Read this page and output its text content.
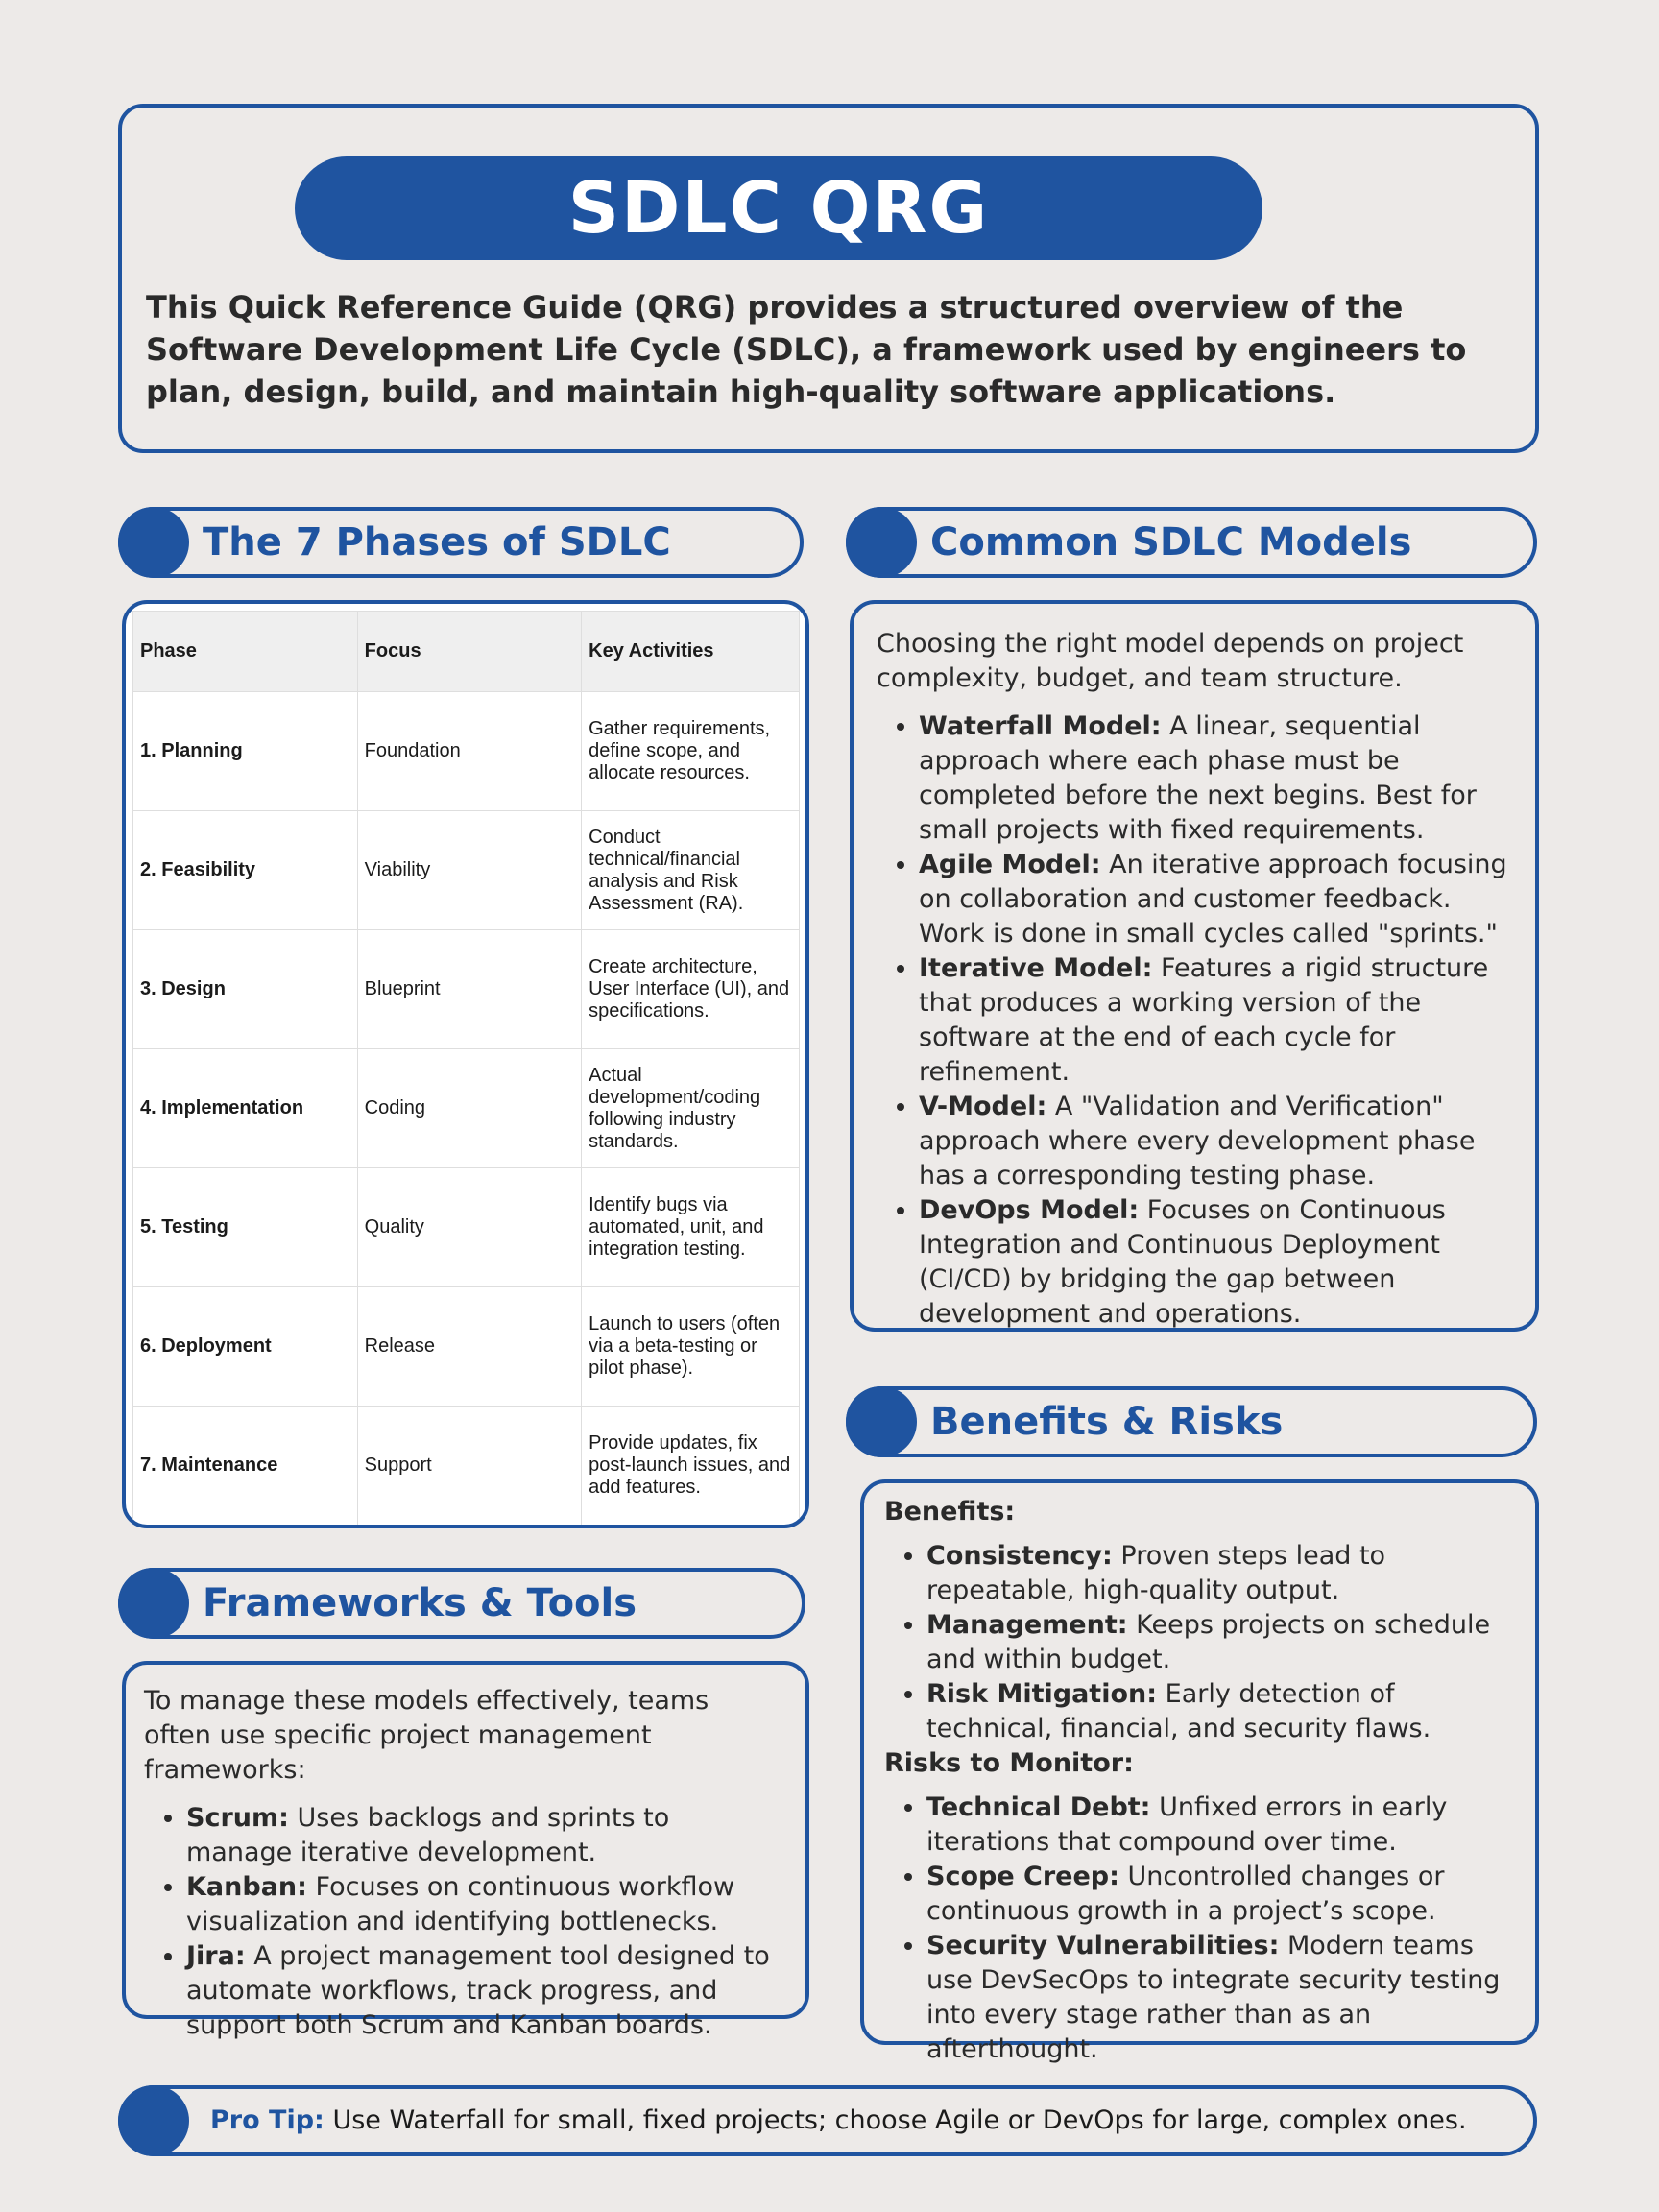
SDLC QRG
This Quick Reference Guide (QRG) provides a structured overview of the Software Development Life Cycle (SDLC), a framework used by engineers to plan, design, build, and maintain high-quality software applications.
The 7 Phases of SDLC
Phase	Focus	Key Activities
1. Planning	Foundation	Gather requirements, define scope, and allocate resources.
2. Feasibility	Viability	Conduct technical/financial analysis and Risk Assessment (RA).
3. Design	Blueprint	Create architecture, User Interface (UI), and specifications.
4. Implementation	Coding	Actual development/coding following industry standards.
5. Testing	Quality	Identify bugs via automated, unit, and integration testing.
6. Deployment	Release	Launch to users (often via a beta-testing or pilot phase).
7. Maintenance	Support	Provide updates, fix post-launch issues, and add features.
Frameworks & Tools

To manage these models effectively, teams often use specific project management frameworks:

• Scrum: Uses backlogs and sprints to manage iterative development.
• Kanban: Focuses on continuous workflow visualization and identifying bottlenecks.
• Jira: A project management tool designed to automate workflows, track progress, and support both Scrum and Kanban boards.
Common SDLC Models

Choosing the right model depends on project complexity, budget, and team structure.

• Waterfall Model: A linear, sequential approach where each phase must be completed before the next begins. Best for small projects with fixed requirements.
• Agile Model: An iterative approach focusing on collaboration and customer feedback. Work is done in small cycles called "sprints."
• Iterative Model: Features a rigid structure that produces a working version of the software at the end of each cycle for refinement.
• V-Model: A "Validation and Verification" approach where every development phase has a corresponding testing phase.
• DevOps Model: Focuses on Continuous Integration and Continuous Deployment (CI/CD) by bridging the gap between development and operations.
Benefits & Risks

Benefits:

• Consistency: Proven steps lead to repeatable, high-quality output.
• Management: Keeps projects on schedule and within budget.
• Risk Mitigation: Early detection of technical, financial, and security flaws.

Risks to Monitor:

• Technical Debt: Unfixed errors in early iterations that compound over time.
• Scope Creep: Uncontrolled changes or continuous growth in a project’s scope.
• Security Vulnerabilities: Modern teams use DevSecOps to integrate security testing into every stage rather than as an afterthought.
Pro Tip: Use Waterfall for small, fixed projects; choose Agile or DevOps for large, complex ones.
